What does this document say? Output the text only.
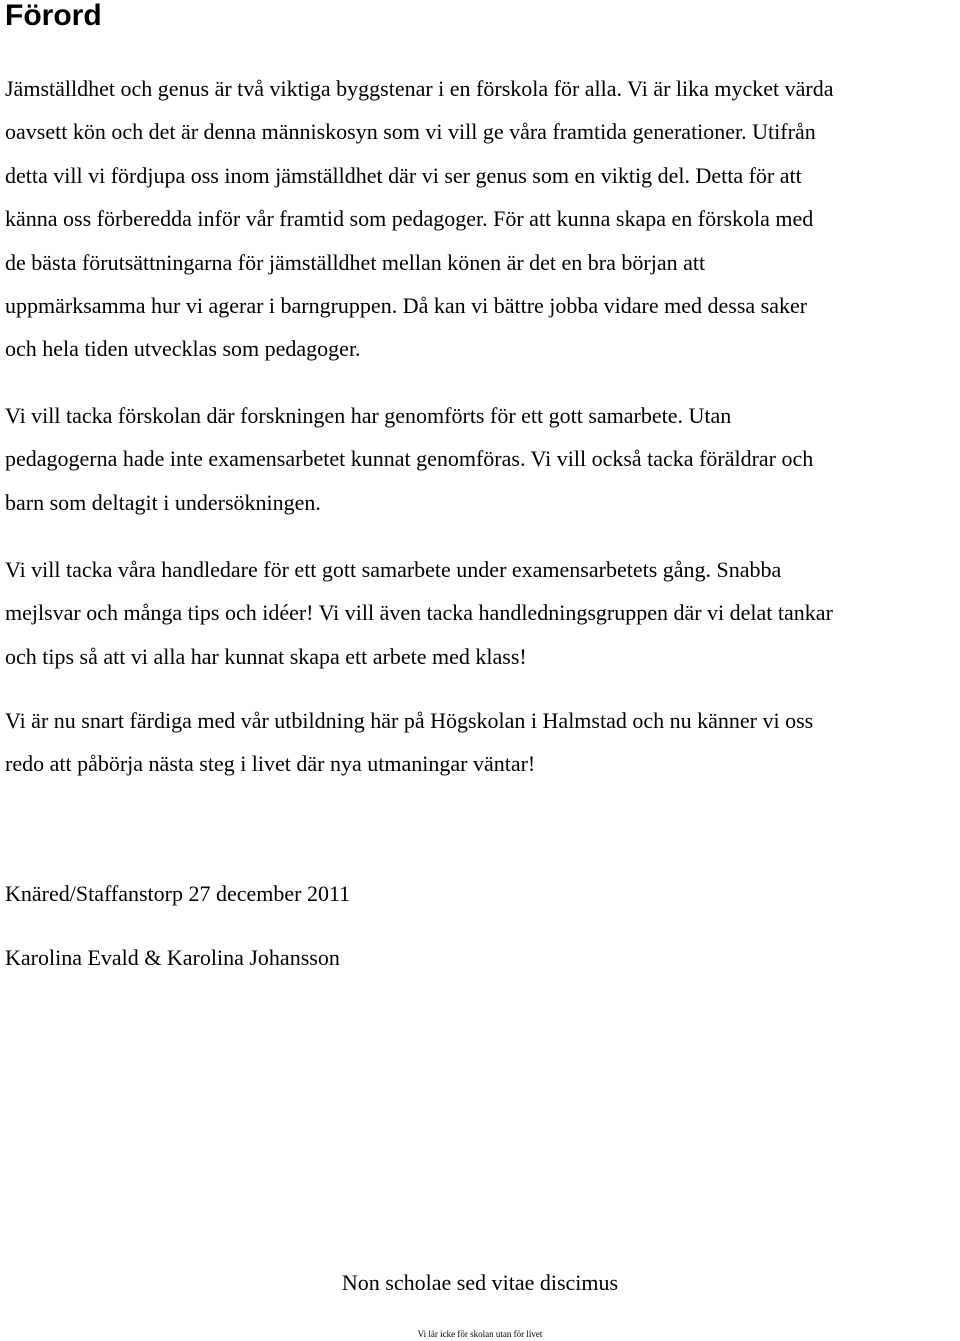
Förord
Jämställdhet och genus är två viktiga byggstenar i en förskola för alla. Vi är lika mycket värda
oavsett kön och det är denna människosyn som vi vill ge våra framtida generationer. Utifrån
detta vill vi fördjupa oss inom jämställdhet där vi ser genus som en viktig del. Detta för att
känna oss förberedda inför vår framtid som pedagoger. För att kunna skapa en förskola med
de bästa förutsättningarna för jämställdhet mellan könen är det en bra början att
uppmärksamma hur vi agerar i barngruppen. Då kan vi bättre jobba vidare med dessa saker
och hela tiden utvecklas som pedagoger.
Vi vill tacka förskolan där forskningen har genomförts för ett gott samarbete. Utan
pedagogerna hade inte examensarbetet kunnat genomföras. Vi vill också tacka föräldrar och
barn som deltagit i undersökningen.
Vi vill tacka våra handledare för ett gott samarbete under examensarbetets gång. Snabba
mejlsvar och många tips och idéer! Vi vill även tacka handledningsgruppen där vi delat tankar
och tips så att vi alla har kunnat skapa ett arbete med klass!
Vi är nu snart färdiga med vår utbildning här på Högskolan i Halmstad och nu känner vi oss
redo att påbörja nästa steg i livet där nya utmaningar väntar!

Knäred/Staffanstorp 27 december 2011

Karolina Evald & Karolina Johansson

Non scholae sed vitae discimus

Vi lär icke för skolan utan för livet
